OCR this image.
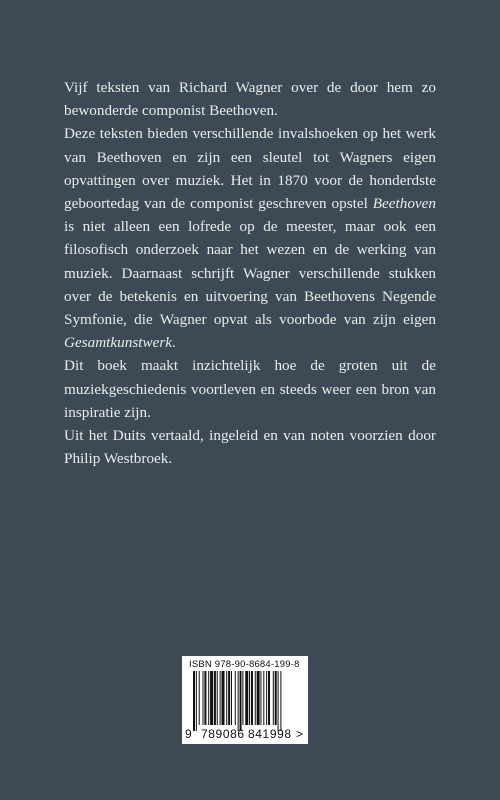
Vijf teksten van Richard Wagner over de door hem zo bewonderde componist Beethoven.

Deze teksten bieden verschillende invalshoeken op het werk van Beethoven en zijn een sleutel tot Wagners eigen opvattingen over muziek. Het in 1870 voor de honderdste geboortedag van de componist geschreven opstel Beethoven is niet alleen een lofrede op de meester, maar ook een filosofisch onderzoek naar het wezen en de werking van muziek. Daarnaast schrijft Wagner verschillende stukken over de betekenis en uitvoering van Beethovens Negende Symfonie, die Wagner opvat als voorbode van zijn eigen Gesamtkunstwerk.

Dit boek maakt inzichtelijk hoe de groten uit de muziekgeschiedenis voortleven en steeds weer een bron van inspiratie zijn.

Uit het Duits vertaald, ingeleid en van noten voorzien door Philip Westbroek.

ISBN 978-90-8684-199-8
9 789086 841998 >
